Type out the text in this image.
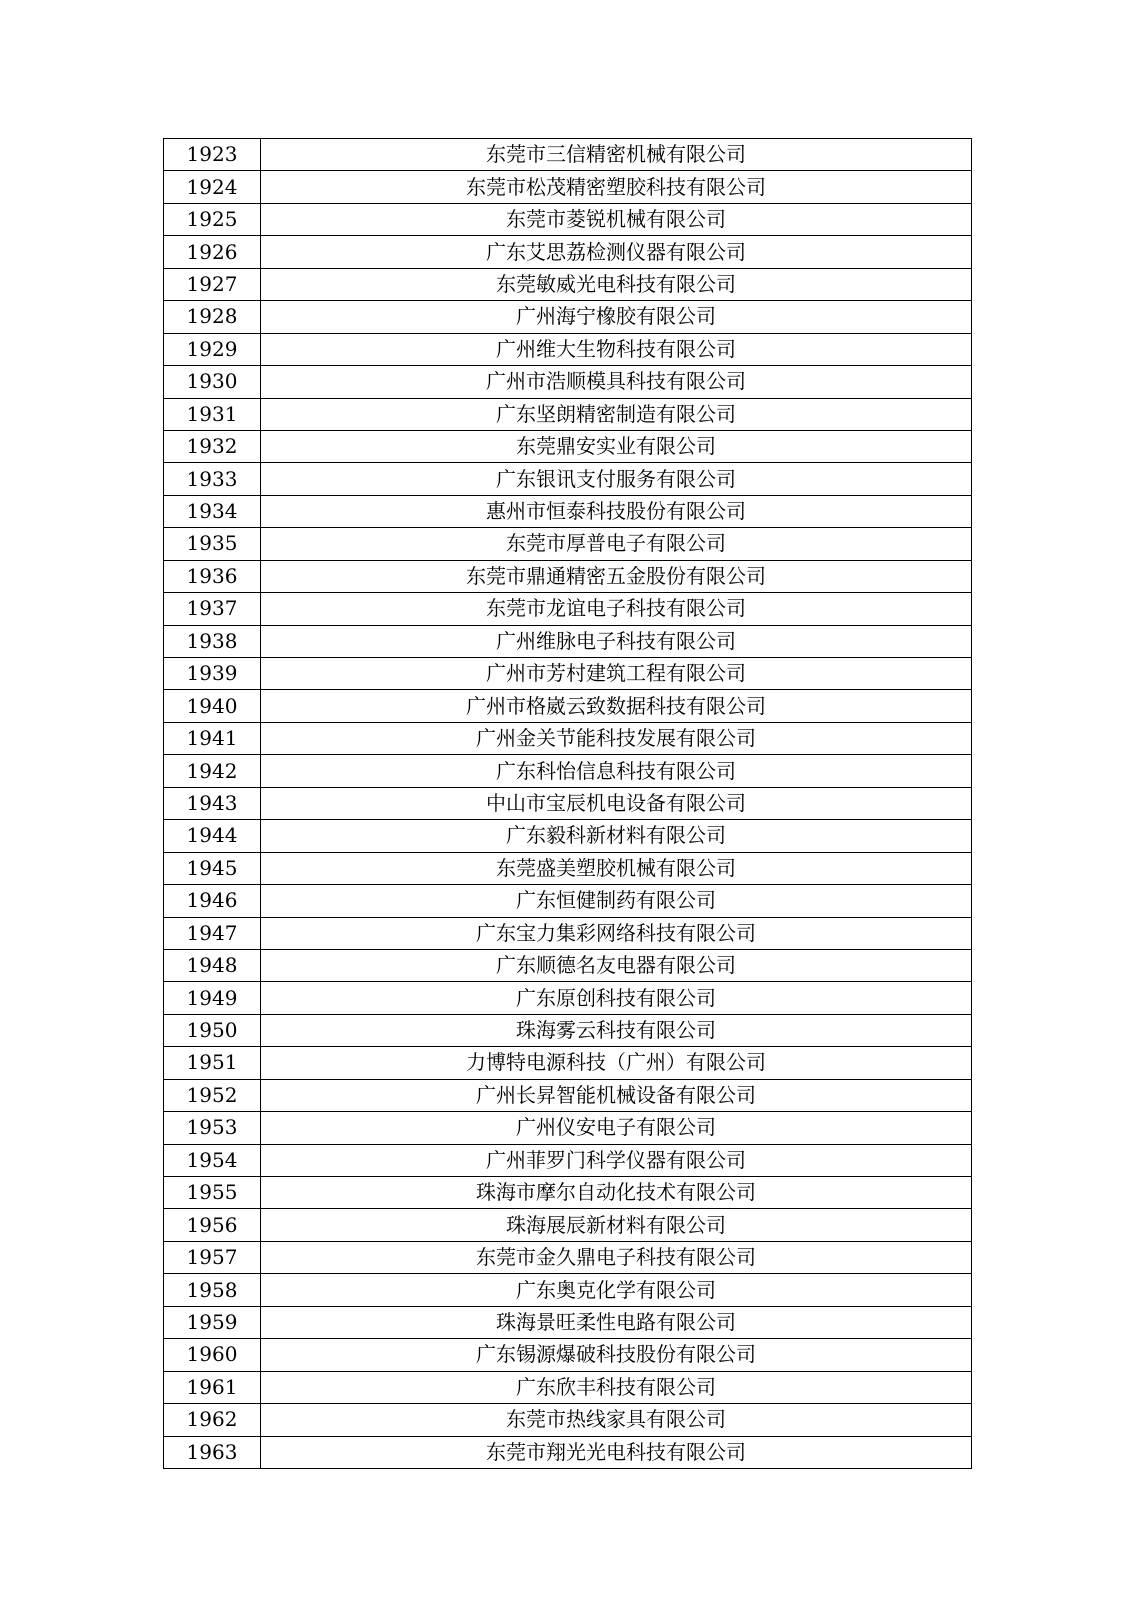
1923	东莞市三信精密机械有限公司
1924	东莞市松茂精密塑胶科技有限公司
1925	东莞市菱锐机械有限公司
1926	广东艾思荔检测仪器有限公司
1927	东莞敏威光电科技有限公司
1928	广州海宁橡胶有限公司
1929	广州维大生物科技有限公司
1930	广州市浩顺模具科技有限公司
1931	广东坚朗精密制造有限公司
1932	东莞鼎安实业有限公司
1933	广东银讯支付服务有限公司
1934	惠州市恒泰科技股份有限公司
1935	东莞市厚普电子有限公司
1936	东莞市鼎通精密五金股份有限公司
1937	东莞市龙谊电子科技有限公司
1938	广州维脉电子科技有限公司
1939	广州市芳村建筑工程有限公司
1940	广州市格崴云致数据科技有限公司
1941	广州金关节能科技发展有限公司
1942	广东科怡信息科技有限公司
1943	中山市宝辰机电设备有限公司
1944	广东毅科新材料有限公司
1945	东莞盛美塑胶机械有限公司
1946	广东恒健制药有限公司
1947	广东宝力集彩网络科技有限公司
1948	广东顺德名友电器有限公司
1949	广东原创科技有限公司
1950	珠海雾云科技有限公司
1951	力博特电源科技（广州）有限公司
1952	广州长昇智能机械设备有限公司
1953	广州仪安电子有限公司
1954	广州菲罗门科学仪器有限公司
1955	珠海市摩尔自动化技术有限公司
1956	珠海展辰新材料有限公司
1957	东莞市金久鼎电子科技有限公司
1958	广东奥克化学有限公司
1959	珠海景旺柔性电路有限公司
1960	广东锡源爆破科技股份有限公司
1961	广东欣丰科技有限公司
1962	东莞市热线家具有限公司
1963	东莞市翔光光电科技有限公司
